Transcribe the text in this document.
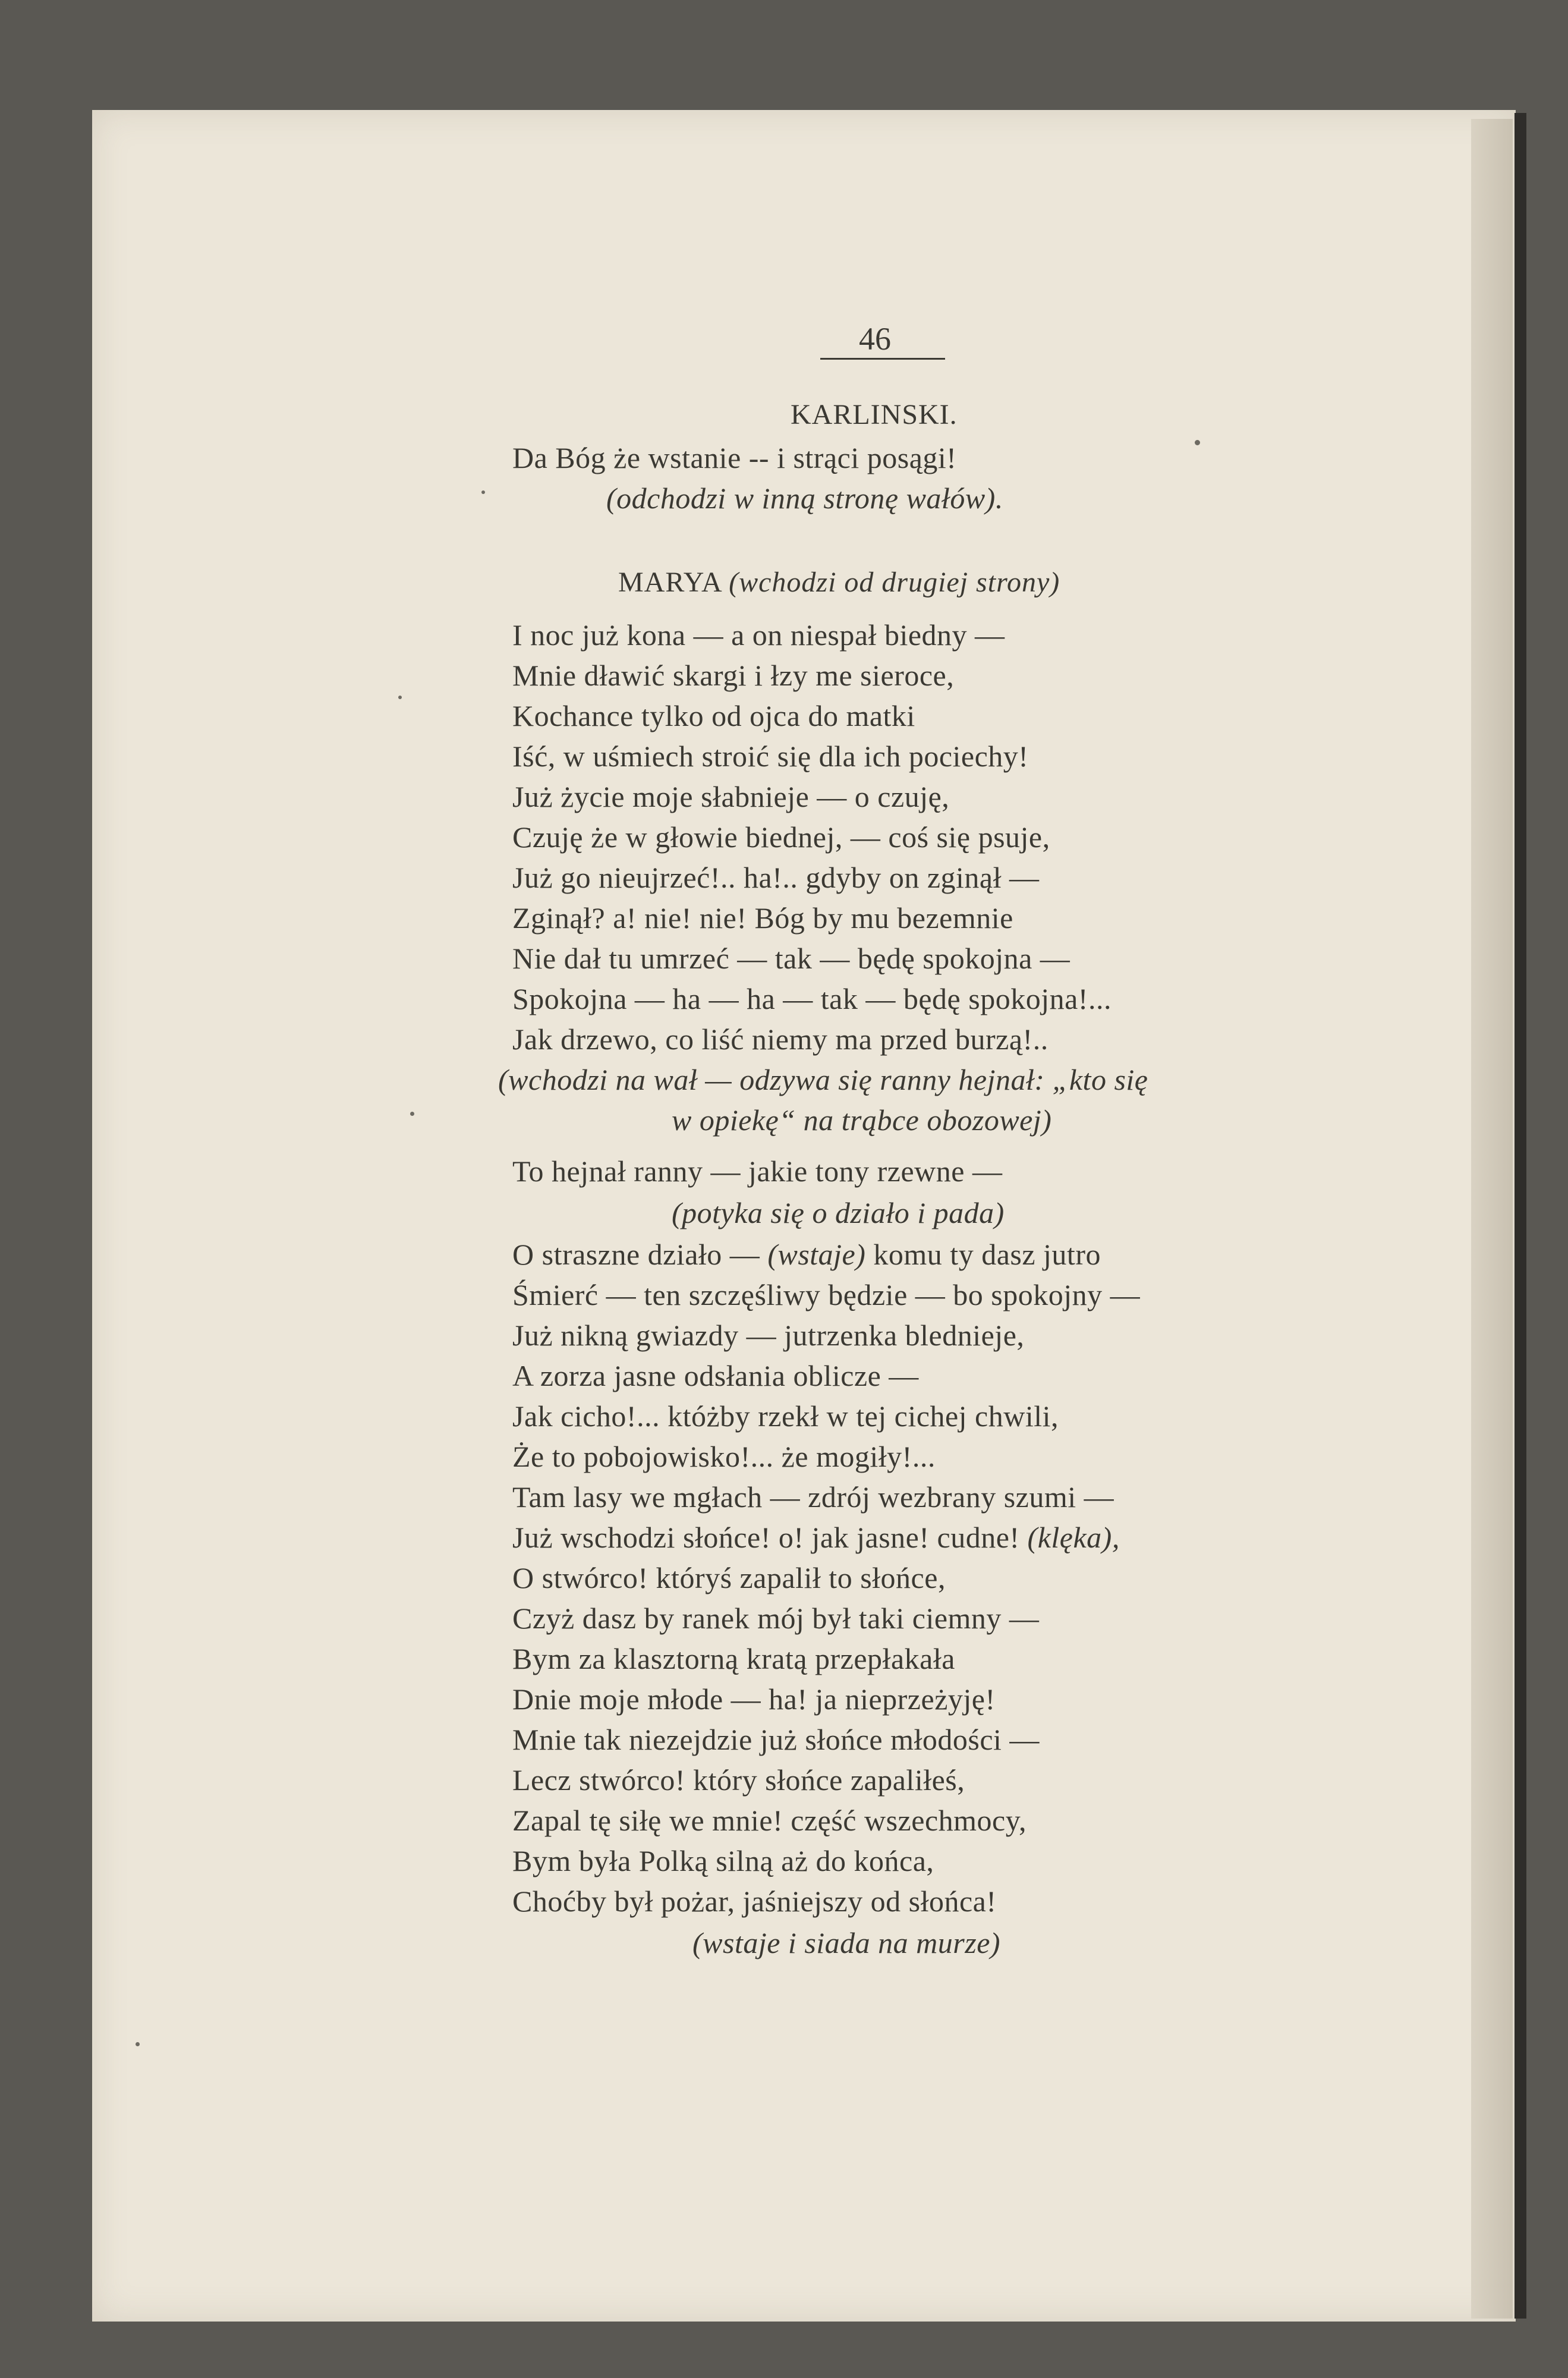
46
KARLINSKI.
Da Bóg że wstanie -- i strąci posągi!
(odchodzi w inną stronę wałów).
MARYA (wchodzi od drugiej strony)
I noc już kona — a on niespał biedny —
Mnie dławić skargi i łzy me sieroce,
Kochance tylko od ojca do matki
Iść, w uśmiech stroić się dla ich pociechy!
Już życie moje słabnieje — o czuję,
Czuję że w głowie biednej, — coś się psuje,
Już go nieujrzeć!.. ha!.. gdyby on zginął —
Zginął? a! nie! nie! Bóg by mu bezemnie
Nie dał tu umrzeć — tak — będę spokojna —
Spokojna — ha — ha — tak — będę spokojna!...
Jak drzewo, co liść niemy ma przed burzą!..
(wchodzi na wał — odzywa się ranny hejnał: „kto się
w opiekę“ na trąbce obozowej)
To hejnał ranny — jakie tony rzewne —
(potyka się o działo i pada)
O straszne działo — (wstaje) komu ty dasz jutro
Śmierć — ten szczęśliwy będzie — bo spokojny —
Już nikną gwiazdy — jutrzenka blednieje,
A zorza jasne odsłania oblicze —
Jak cicho!... któżby rzekł w tej cichej chwili,
Że to pobojowisko!... że mogiły!...
Tam lasy we mgłach — zdrój wezbrany szumi —
Już wschodzi słońce! o! jak jasne! cudne! (klęka),
O stwórco! któryś zapalił to słońce,
Czyż dasz by ranek mój był taki ciemny —
Bym za klasztorną kratą przepłakała
Dnie moje młode — ha! ja nieprzeżyję!
Mnie tak niezejdzie już słońce młodości —
Lecz stwórco! który słońce zapaliłeś,
Zapal tę siłę we mnie! część wszechmocy,
Bym była Polką silną aż do końca,
Choćby był pożar, jaśniejszy od słońca!
(wstaje i siada na murze)
